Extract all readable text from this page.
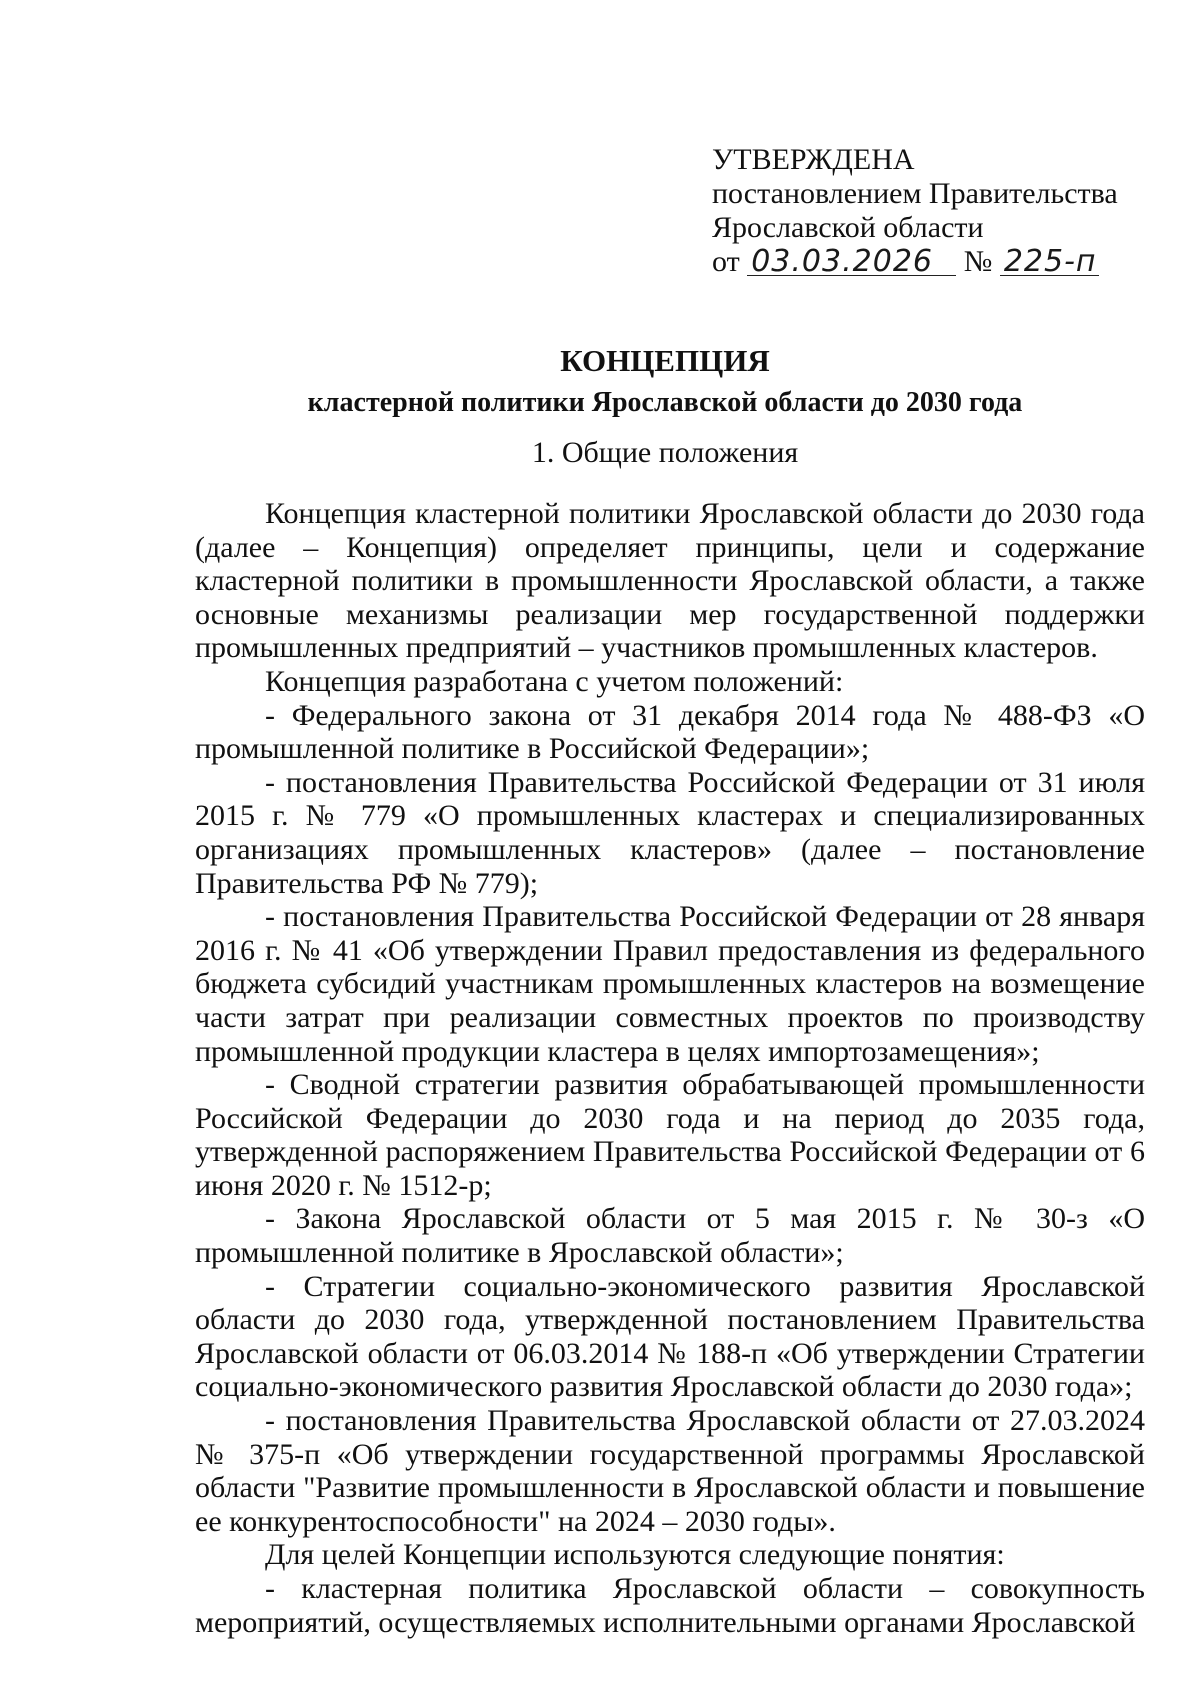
УТВЕРЖДЕНА
постановлением Правительства
Ярославской области
от 03.03.2026 № 225-п
КОНЦЕПЦИЯ
кластерной политики Ярославской области до 2030 года
1. Общие положения

Концепция кластерной политики Ярославской области до 2030 года (далее – Концепция) определяет принципы, цели и содержание кластерной политики в промышленности Ярославской области, а также основные механизмы реализации мер государственной поддержки промышленных предприятий – участников промышленных кластеров.

Концепция разработана с учетом положений:

- Федерального закона от 31 декабря 2014 года № 488-ФЗ «О промышленной политике в Российской Федерации»;

- постановления Правительства Российской Федерации от 31 июля 2015 г. № 779 «О промышленных кластерах и специализированных организациях промышленных кластеров» (далее – постановление Правительства РФ № 779);

- постановления Правительства Российской Федерации от 28 января 2016 г. № 41 «Об утверждении Правил предоставления из федерального бюджета субсидий участникам промышленных кластеров на возмещение части затрат при реализации совместных проектов по производству промышленной продукции кластера в целях импортозамещения»;

- Сводной стратегии развития обрабатывающей промышленности Российской Федерации до 2030 года и на период до 2035 года, утвержденной распоряжением Правительства Российской Федерации от 6 июня 2020 г. № 1512-р;

- Закона Ярославской области от 5 мая 2015 г. № 30-з «О промышленной политике в Ярославской области»;

- Стратегии социально-экономического развития Ярославской области до 2030 года, утвержденной постановлением Правительства Ярославской области от 06.03.2014 № 188-п «Об утверждении Стратегии социально-экономического развития Ярославской области до 2030 года»;

- постановления Правительства Ярославской области от 27.03.2024 № 375-п «Об утверждении государственной программы Ярославской области "Развитие промышленности в Ярославской области и повышение ее конкурентоспособности" на 2024 – 2030 годы».

Для целей Концепции используются следующие понятия:

- кластерная политика Ярославской области – совокупность мероприятий, осуществляемых исполнительными органами Ярославской
